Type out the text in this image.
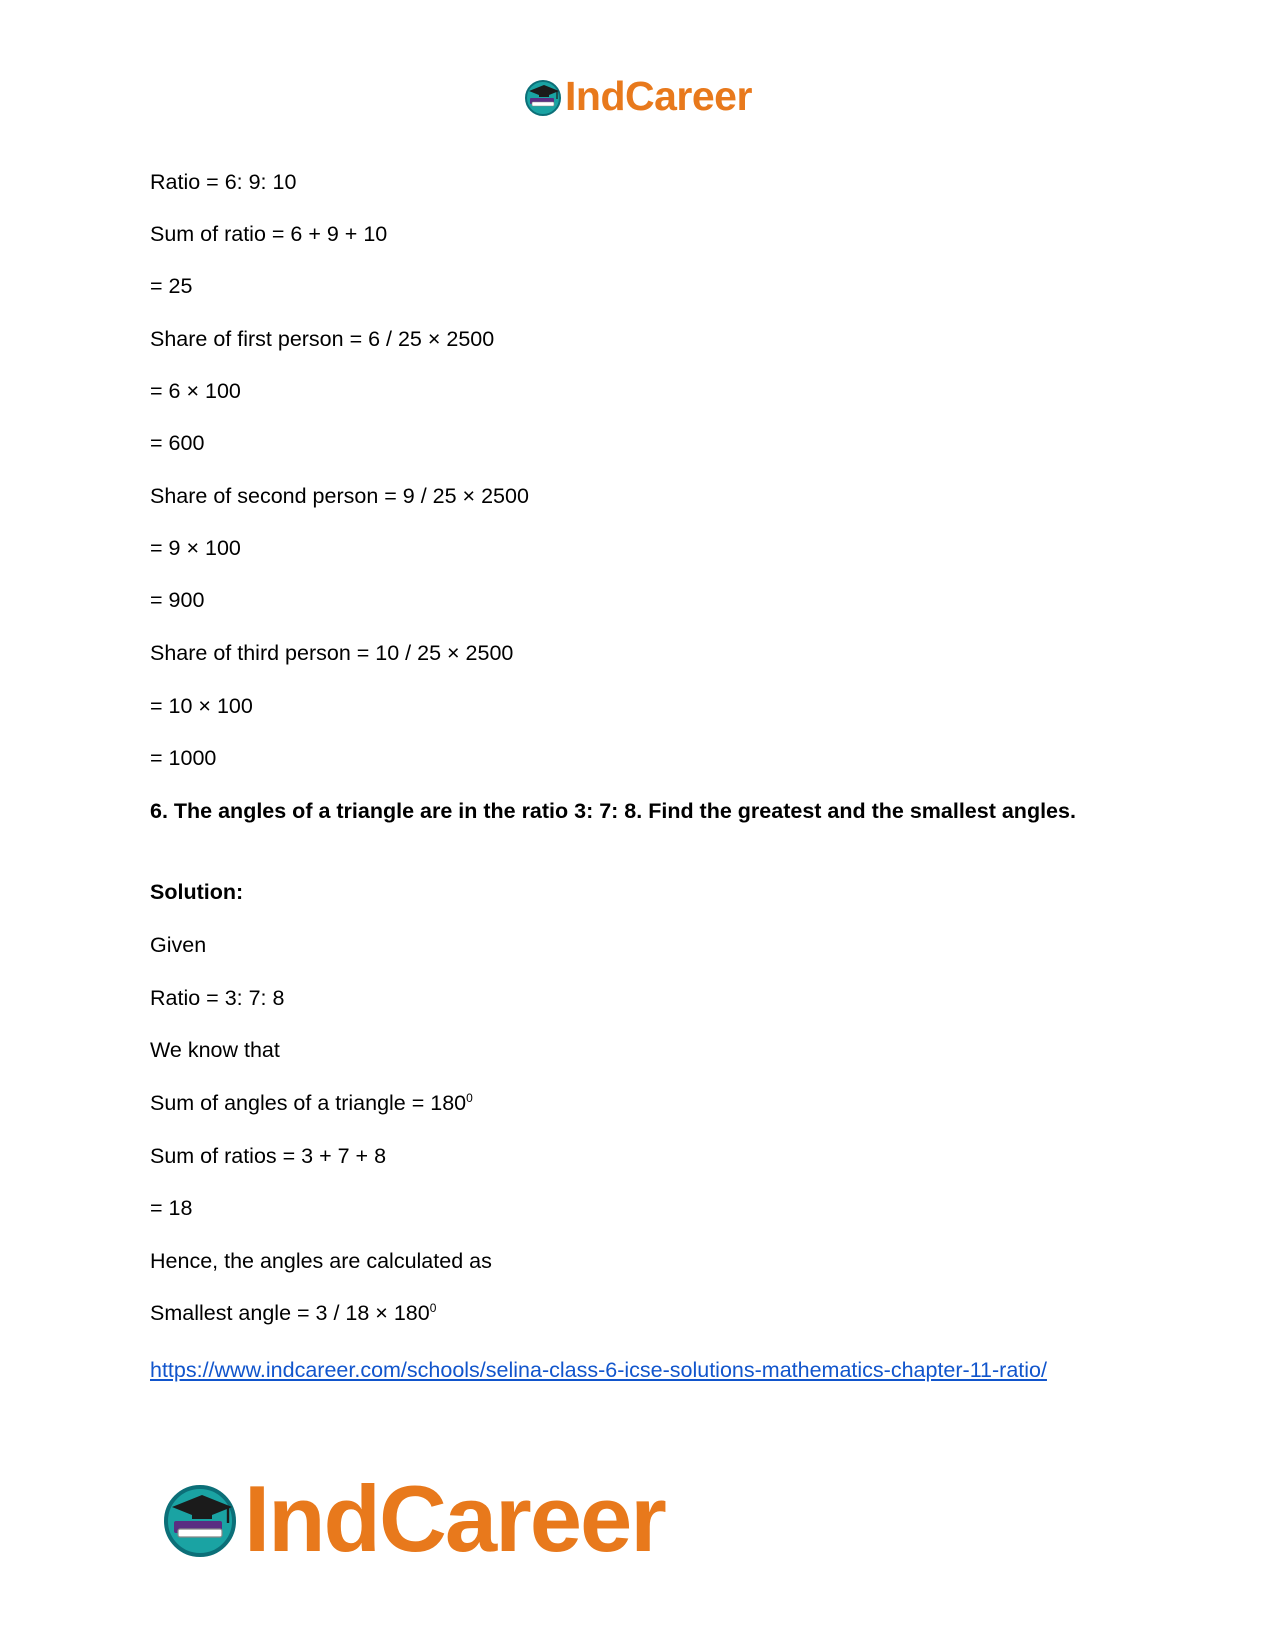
IndCareer
Ratio = 6: 9: 10
Sum of ratio = 6 + 9 + 10
= 25
Share of first person = 6 / 25 × 2500
= 6 × 100
= 600
Share of second person = 9 / 25 × 2500
= 9 × 100
= 900
Share of third person = 10 / 25 × 2500
= 10 × 100
= 1000
6. The angles of a triangle are in the ratio 3: 7: 8. Find the greatest and the smallest angles.
Solution:
Given
Ratio = 3: 7: 8
We know that
Sum of angles of a triangle = $180^0$
Sum of ratios = 3 + 7 + 8
= 18
Hence, the angles are calculated as
Smallest angle = $3 / 18 \times 180^0$
https://www.indcareer.com/schools/selina-class-6-icse-solutions-mathematics-chapter-11-ratio/
IndCareer
